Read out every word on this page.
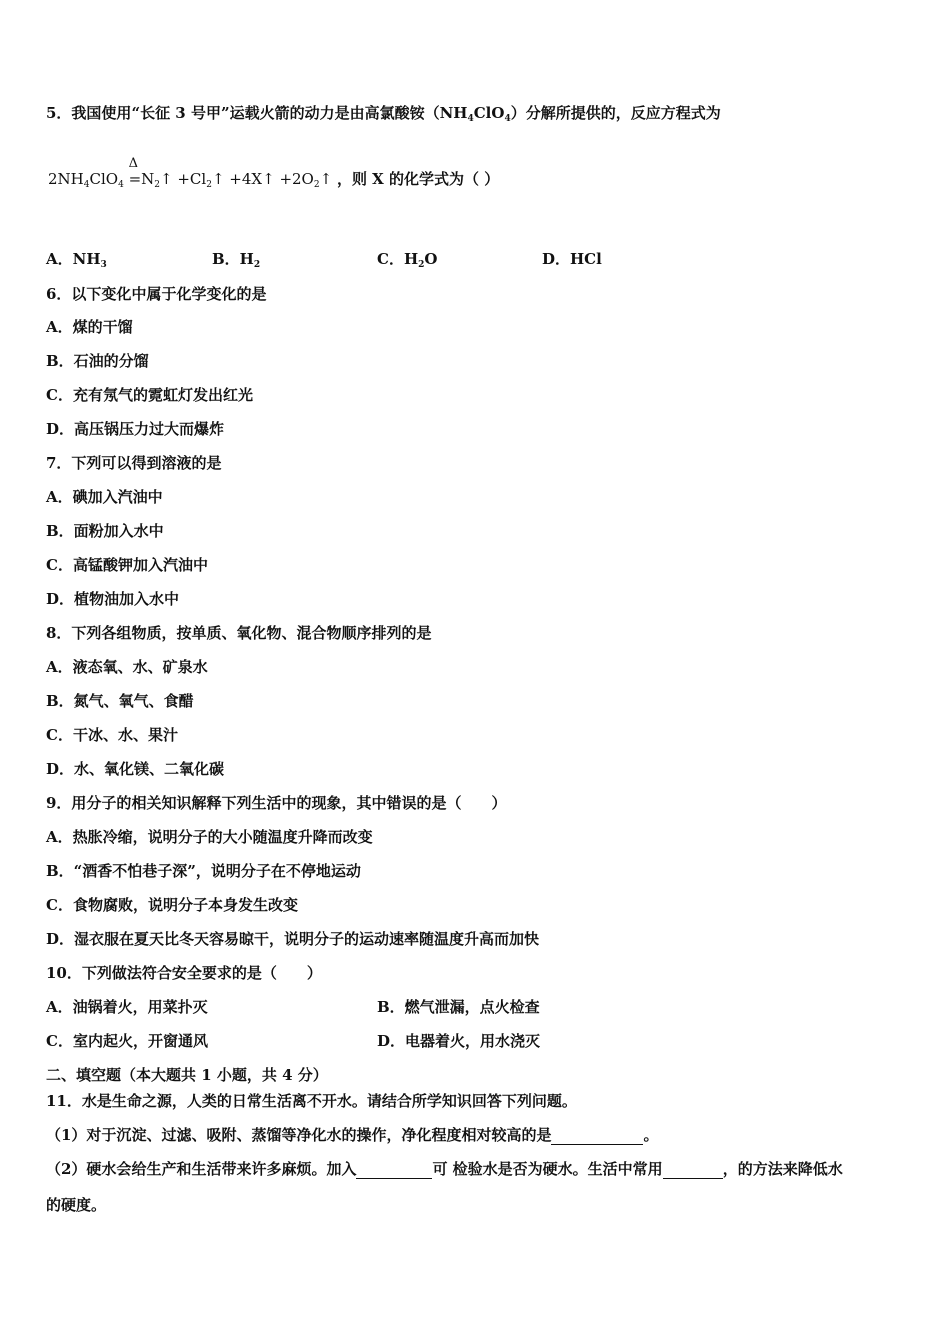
5．我国使用“长征 3 号甲”运载火箭的动力是由高氯酸铵$(NH_4ClO_4)$分解所提供的，反应方程式为
$2NH_4ClO_4$
Δ
$=N_2↑$ $+Cl_2↑$ +4X↑ $+2O_2↑$ ，则 X 的化学式为（ ）
A．$NH_3$	B．$H_2$	C．$H_2O$	D．HCl
6．以下变化中属于化学变化的是
A．煤的干馏
B．石油的分馏
C．充有氖气的霓虹灯发出红光
D．高压锅压力过大而爆炸
7．下列可以得到溶液的是
A．碘加入汽油中
B．面粉加入水中
C．高锰酸钾加入汽油中
D．植物油加入水中
8．下列各组物质，按单质、氧化物、混合物顺序排列的是
A．液态氧、水、矿泉水
B．氮气、氧气、食醋
C．干冰、水、果汁
D．水、氧化镁、二氧化碳
9．用分子的相关知识解释下列生活中的现象，其中错误的是（　　）
A．热胀冷缩，说明分子的大小随温度升降而改变
B．“酒香不怕巷子深”，说明分子在不停地运动
C．食物腐败，说明分子本身发生改变
D．湿衣服在夏天比冬天容易晾干，说明分子的运动速率随温度升高而加快
10．下列做法符合安全要求的是（　　）
A．油锅着火，用菜扑灭	B．燃气泄漏，点火检查
C．室内起火，开窗通风	D．电器着火，用水浇灭
二、填空题（本大题共 1 小题，共 4 分）
11．水是生命之源，人类的日常生活离不开水。请结合所学知识回答下列问题。
（1）对于沉淀、过滤、吸附、蒸馏等净化水的操作，净化程度相对较高的是	。
（2）硬水会给生产和生活带来许多麻烦。加入	可 检验水是否为硬水。生活中常用	，的方法来降低水
的硬度。
